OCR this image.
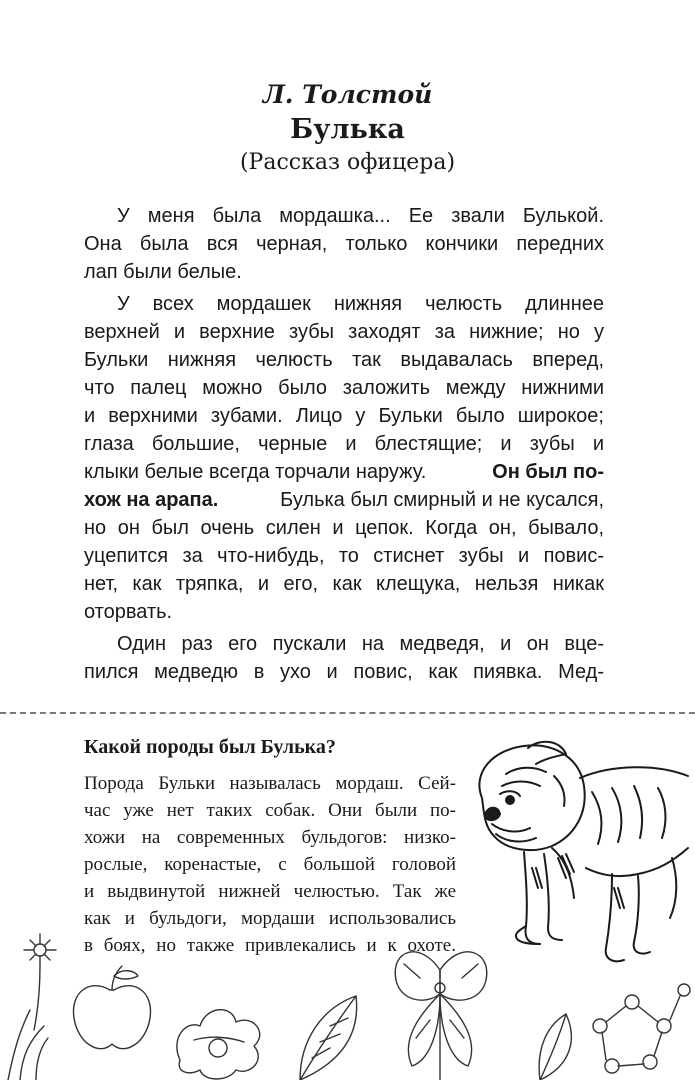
Л. Толстой
Булька
(Рассказ офицера)
У меня была мордашка... Ее звали Булькой.
Она была вся черная, только кончики передних
лап были белые.
У всех мордашек нижняя челюсть длиннее
верхней и верхние зубы заходят за нижние; но у
Бульки нижняя челюсть так выдавалась вперед,
что палец можно было заложить между нижними
и верхними зубами. Лицо у Бульки было широкое;
глаза большие, черные и блестящие; и зубы и
клыки белые всегда торчали наружу.	Он был по-
хож на арапа.	Булька был смирный и не кусался,
но он был очень силен и цепок. Когда он, бывало,
уцепится за что-нибудь, то стиснет зубы и повис-
нет, как тряпка, и его, как клещука, нельзя никак
оторвать.
Один раз его пускали на медведя, и он вце-
пился медведю в ухо и повис, как пиявка. Мед-
Какой породы был Булька?
Порода Бульки называлась мордаш. Сей-
час уже нет таких собак. Они были по-
хожи на современных бульдогов: низко-
рослые, коренастые, с большой головой
и выдвинутой нижней челюстью. Так же
как и бульдоги, мордаши использовались
в боях, но также привлекались и к охоте.
